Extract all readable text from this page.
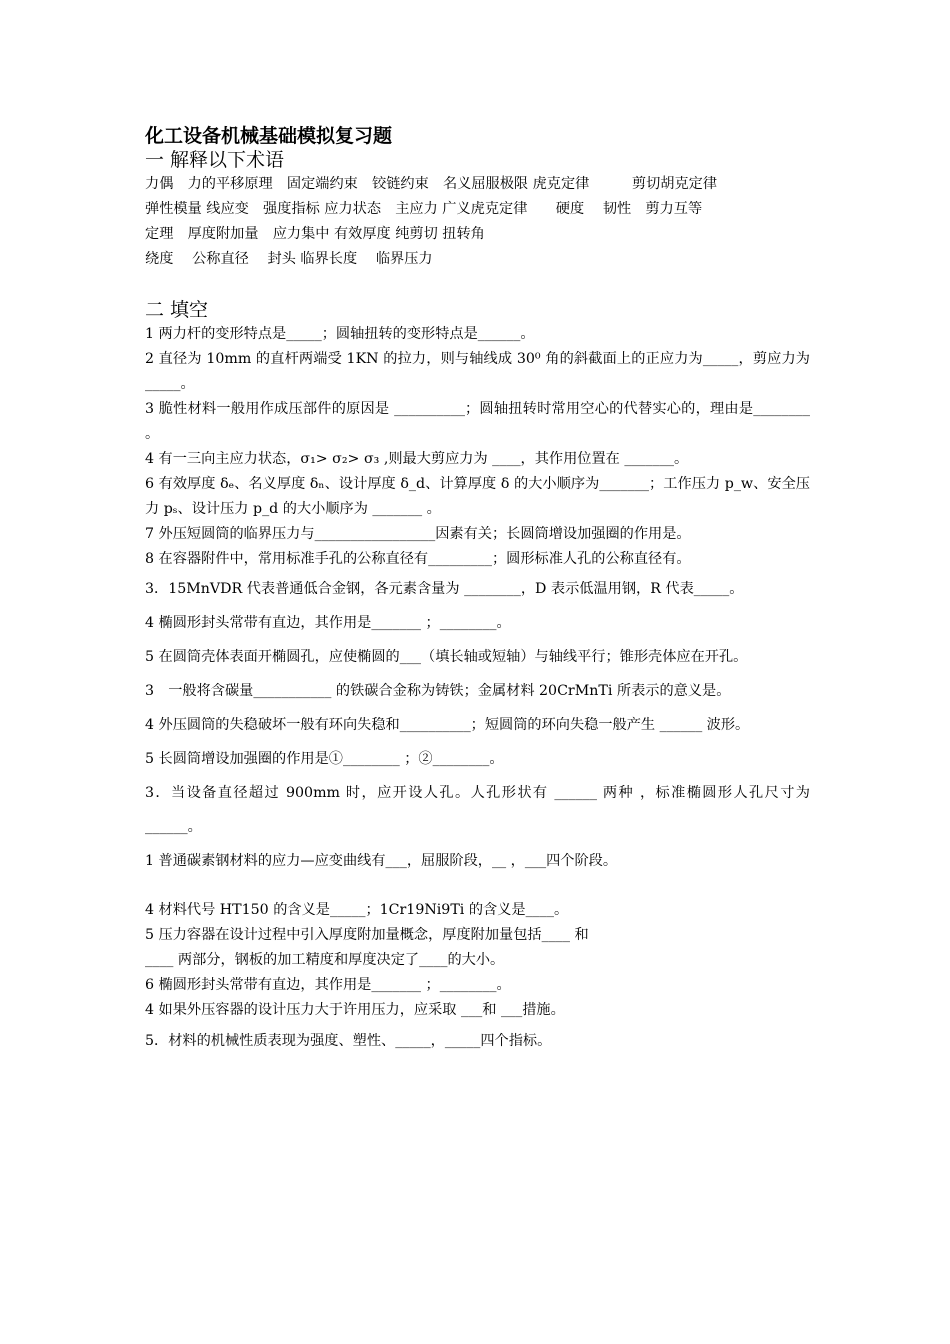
化工设备机械基础模拟复习题

一 解释以下术语

力偶　力的平移原理　固定端约束　铰链约束　名义屈服极限 虎克定律　　　剪切胡克定律

弹性模量 线应变　强度指标 应力状态　主应力 广义虎克定律　　硬度　 韧性　剪力互等

定理　厚度附加量　应力集中 有效厚度 纯剪切 扭转角

绕度　 公称直径　 封头 临界长度　 临界压力

二 填空

1 两力杆的变形特点是_____；圆轴扭转的变形特点是______。

2 直径为 10mm 的直杆两端受 1KN 的拉力，则与轴线成 30⁰ 角的斜截面上的正应力为_____，剪应力为 _____。

3 脆性材料一般用作成压部件的原因是 __________；圆轴扭转时常用空心的代替实心的，理由是________ 。

4 有一三向主应力状态，σ₁> σ₂> σ₃ ,则最大剪应力为 ____，其作用位置在 _______。

6 有效厚度 δₑ、名义厚度 δₙ、设计厚度 δ_d、计算厚度 δ 的大小顺序为_______；工作压力 p_w、安全压力 pₛ、设计压力 p_d 的大小顺序为 _______ 。

7 外压短圆筒的临界压力与_________________因素有关；长圆筒增设加强圈的作用是。

8 在容器附件中，常用标准手孔的公称直径有_________；圆形标准人孔的公称直径有。

3．15MnVDR 代表普通低合金钢，各元素含量为 ________，D 表示低温用钢，R 代表_____。

4 椭圆形封头常带有直边，其作用是_______ ；________。

5 在圆筒壳体表面开椭圆孔，应使椭圆的___（填长轴或短轴）与轴线平行；锥形壳体应在开孔。

3　一般将含碳量___________ 的铁碳合金称为铸铁；金属材料 20CrMnTi 所表示的意义是。

4 外压圆筒的失稳破坏一般有环向失稳和__________；短圆筒的环向失稳一般产生 ______ 波形。

5 长圆筒增设加强圈的作用是①________ ；②________。

3．当设备直径超过 900mm 时，应开设人孔。人孔形状有 ______ 两种 ，标准椭圆形人孔尺寸为______。

1 普通碳素钢材料的应力—应变曲线有___，屈服阶段，__ ，___四个阶段。

4 材料代号 HT150 的含义是_____；1Cr19Ni9Ti 的含义是____。

5 压力容器在设计过程中引入厚度附加量概念，厚度附加量包括____ 和

____ 两部分，钢板的加工精度和厚度决定了____的大小。

6 椭圆形封头常带有直边，其作用是_______ ；________。

4 如果外压容器的设计压力大于许用压力，应采取 ___和 ___措施。

5．材料的机械性质表现为强度、塑性、_____，_____四个指标。
